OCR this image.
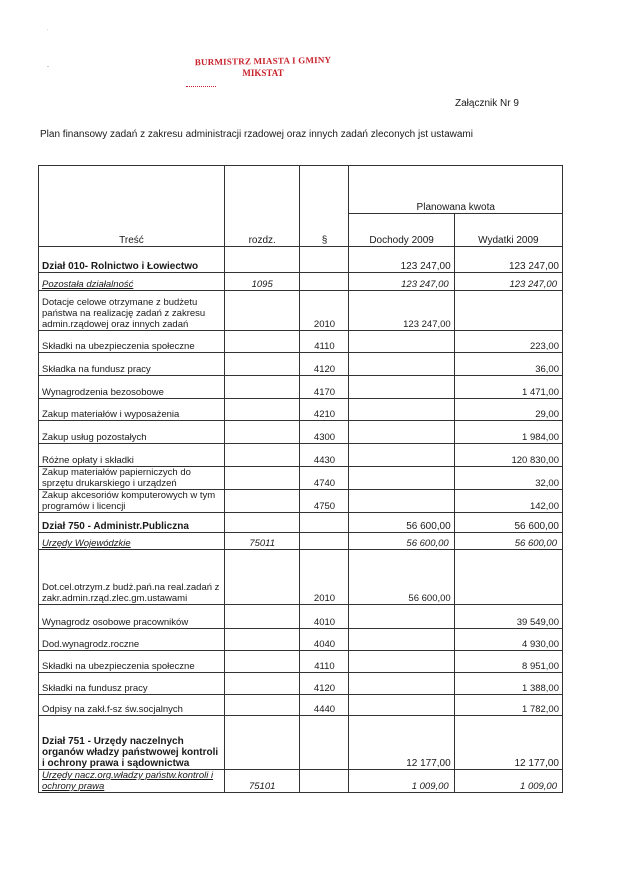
BURMISTRZ MIASTA I GMINY
MIKSTAT
˙
-
Załącznik Nr 9
Plan finansowy zadań z zakresu administracji rzadowej oraz innych zadań zleconych jst ustawami
Treść	rozdz.	§	Planowana kwota	
			Dochody 2009	Wydatki 2009

Dział 010- Rolnictwo i Łowiectwo			123 247,00	123 247,00

Pozostała działalność	1095		123 247,00	123 247,00

Dotacje celowe otrzymane z budżetu państwa na realizację zadań z zakresu admin.rządowej oraz innych zadań		2010	123 247,00	

Składki na ubezpieczenia społeczne		4110		223,00

Składka na fundusz pracy		4120		36,00

Wynagrodzenia bezosobowe		4170		1 471,00

Zakup materiałów i wyposażenia		4210		29,00

Zakup usług pozostałych		4300		1 984,00

Różne opłaty i składki		4430		120 830,00

Zakup materiałów papierniczych do sprzętu drukarskiego i urządzeń		4740		32,00

Zakup akcesoriów komputerowych w tym programów i licencji		4750		142,00

Dział 750 - Administr.Publiczna			56 600,00	56 600,00

Urzędy Wojewódzkie	75011		56 600,00	56 600,00

Dot.cel.otrzym.z budż.pań.na real.zadań z zakr.admin.rząd.zlec.gm.ustawami		2010	56 600,00	

Wynagrodz osobowe pracowników		4010		39 549,00

Dod.wynagrodz.roczne		4040		4 930,00

Składki na ubezpieczenia społeczne		4110		8 951,00

Składki na fundusz pracy		4120		1 388,00

Odpisy na zakł.f-sz św.socjalnych		4440		1 782,00

Dział 751 - Urzędy naczelnych organów władzy państwowej kontroli i ochrony prawa i sądownictwa			12 177,00	12 177,00

Urzędy nacz.org.władzy państw.kontroli i ochrony prawa	75101		1 009,00	1 009,00
